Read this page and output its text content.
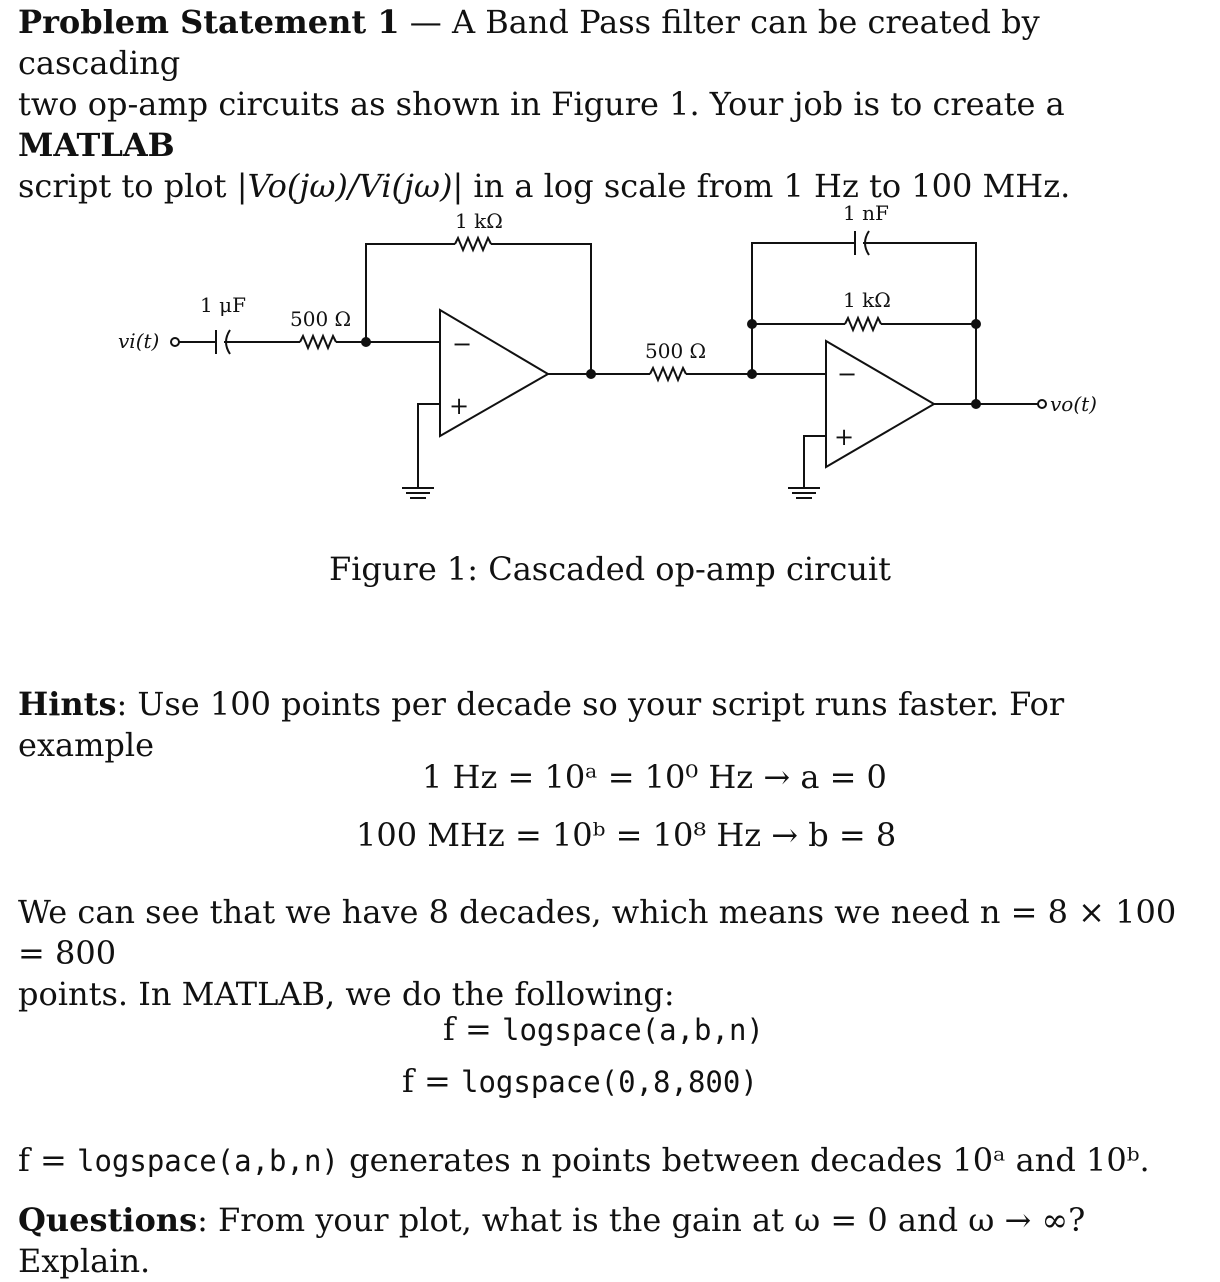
Problem Statement 1 — A Band Pass filter can be created by cascading
two op-amp circuits as shown in Figure 1. Your job is to create a MATLAB
script to plot |Vo(jω)/Vi(jω)| in a log scale from 1 Hz to 100 MHz.

vi(t)
1 μF
500 Ω
1 kΩ
−
+
500 Ω
1 nF
1 kΩ
−
+
vo(t)
Figure 1: Cascaded op-amp circuit

Hints: Use 100 points per decade so your script runs faster. For example

1 Hz = 10ᵃ = 10⁰ Hz → a = 0
100 MHz = 10ᵇ = 10⁸ Hz → b = 8

We can see that we have 8 decades, which means we need n = 8 × 100 = 800
points. In MATLAB, we do the following:

f = logspace(a,b,n)
f = logspace(0,8,800)

f = logspace(a,b,n) generates n points between decades 10ᵃ and 10ᵇ.

Questions: From your plot, what is the gain at ω = 0 and ω → ∞? Explain.
